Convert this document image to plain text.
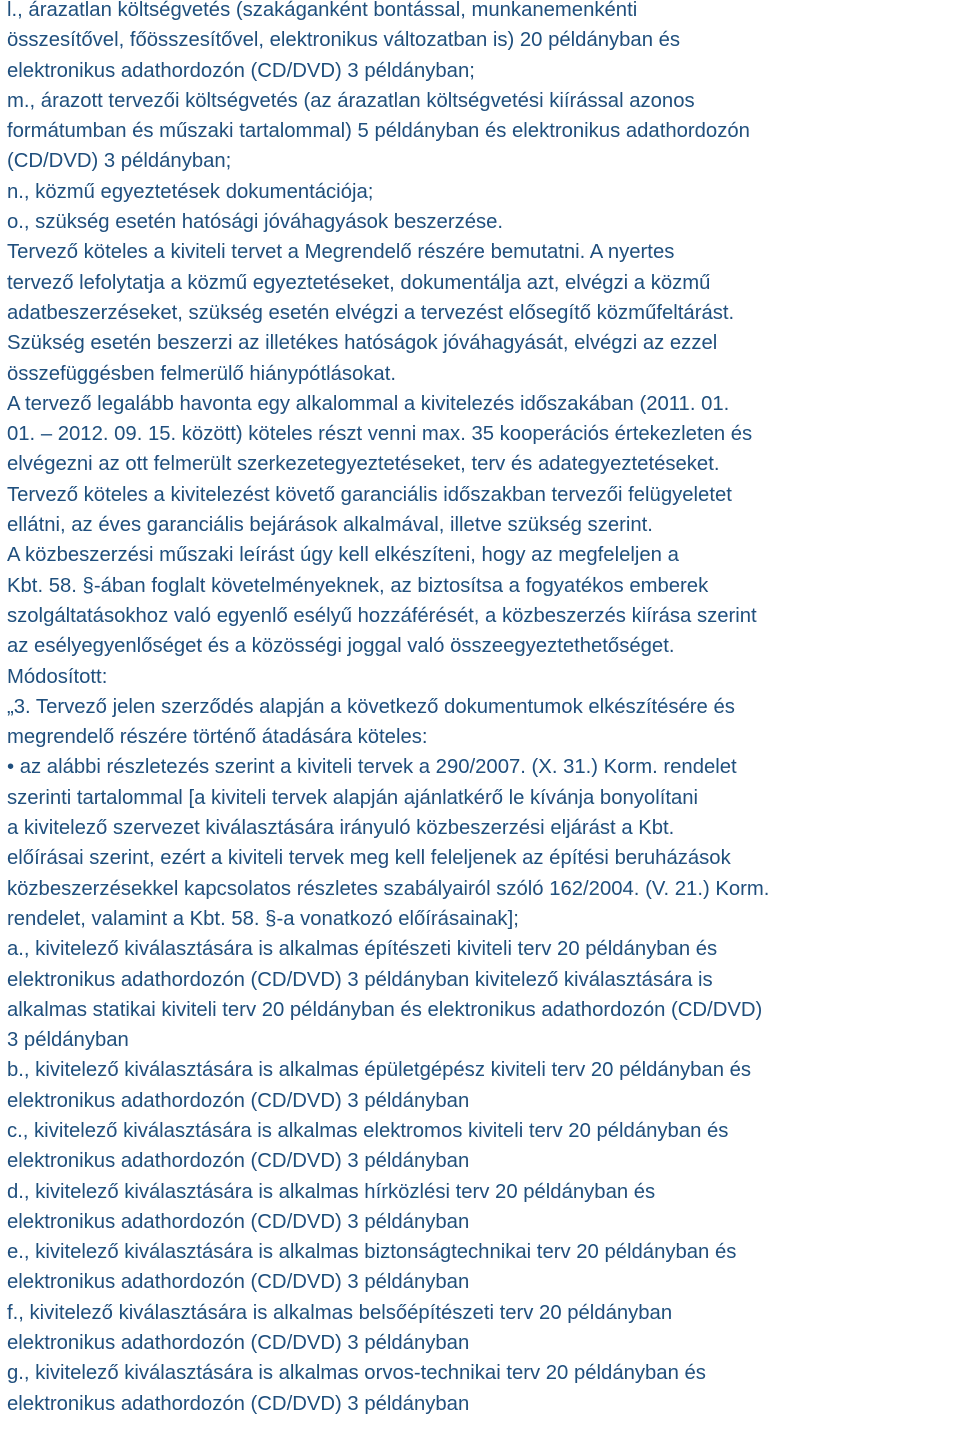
l., árazatlan költségvetés (szakáganként bontással, munkanemenkénti

összesítővel, főösszesítővel, elektronikus változatban is) 20 példányban és

elektronikus adathordozón (CD/DVD) 3 példányban;

m., árazott tervezői költségvetés (az árazatlan költségvetési kiírással azonos

formátumban és műszaki tartalommal) 5 példányban és elektronikus adathordozón

(CD/DVD) 3 példányban;

n., közmű egyeztetések dokumentációja;

o., szükség esetén hatósági jóváhagyások beszerzése.

Tervező köteles a kiviteli tervet a Megrendelő részére bemutatni. A nyertes

tervező lefolytatja a közmű egyeztetéseket, dokumentálja azt, elvégzi a közmű

adatbeszerzéseket, szükség esetén elvégzi a tervezést elősegítő közműfeltárást.

Szükség esetén beszerzi az illetékes hatóságok jóváhagyását, elvégzi az ezzel

összefüggésben felmerülő hiánypótlásokat.

A tervező legalább havonta egy alkalommal a kivitelezés időszakában (2011. 01.

01. – 2012. 09. 15. között) köteles részt venni max. 35 kooperációs értekezleten és

elvégezni az ott felmerült szerkezetegyeztetéseket, terv és adategyeztetéseket.

Tervező köteles a kivitelezést követő garanciális időszakban tervezői felügyeletet

ellátni, az éves garanciális bejárások alkalmával, illetve szükség szerint.

A közbeszerzési műszaki leírást úgy kell elkészíteni, hogy az megfeleljen a

Kbt. 58. §-ában foglalt követelményeknek, az biztosítsa a fogyatékos emberek

szolgáltatásokhoz való egyenlő esélyű hozzáférését, a közbeszerzés kiírása szerint

az esélyegyenlőséget és a közösségi joggal való összeegyeztethetőséget.

Módosított:

„3. Tervező jelen szerződés alapján a következő dokumentumok elkészítésére és

megrendelő részére történő átadására köteles:

• az alábbi részletezés szerint a kiviteli tervek a 290/2007. (X. 31.) Korm. rendelet

szerinti tartalommal [a kiviteli tervek alapján ajánlatkérő le kívánja bonyolítani

a kivitelező szervezet kiválasztására irányuló közbeszerzési eljárást a Kbt.

előírásai szerint, ezért a kiviteli tervek meg kell feleljenek az építési beruházások

közbeszerzésekkel kapcsolatos részletes szabályairól szóló 162/2004. (V. 21.) Korm.

rendelet, valamint a Kbt. 58. §-a vonatkozó előírásainak];

a., kivitelező kiválasztására is alkalmas építészeti kiviteli terv 20 példányban és

elektronikus adathordozón (CD/DVD) 3 példányban kivitelező kiválasztására is

alkalmas statikai kiviteli terv 20 példányban és elektronikus adathordozón (CD/DVD)

3 példányban

b., kivitelező kiválasztására is alkalmas épületgépész kiviteli terv 20 példányban és

elektronikus adathordozón (CD/DVD) 3 példányban

c., kivitelező kiválasztására is alkalmas elektromos kiviteli terv 20 példányban és

elektronikus adathordozón (CD/DVD) 3 példányban

d., kivitelező kiválasztására is alkalmas hírközlési terv 20 példányban és

elektronikus adathordozón (CD/DVD) 3 példányban

e., kivitelező kiválasztására is alkalmas biztonságtechnikai terv 20 példányban és

elektronikus adathordozón (CD/DVD) 3 példányban

f., kivitelező kiválasztására is alkalmas belsőépítészeti terv 20 példányban

elektronikus adathordozón (CD/DVD) 3 példányban

g., kivitelező kiválasztására is alkalmas orvos-technikai terv 20 példányban és

elektronikus adathordozón (CD/DVD) 3 példányban
